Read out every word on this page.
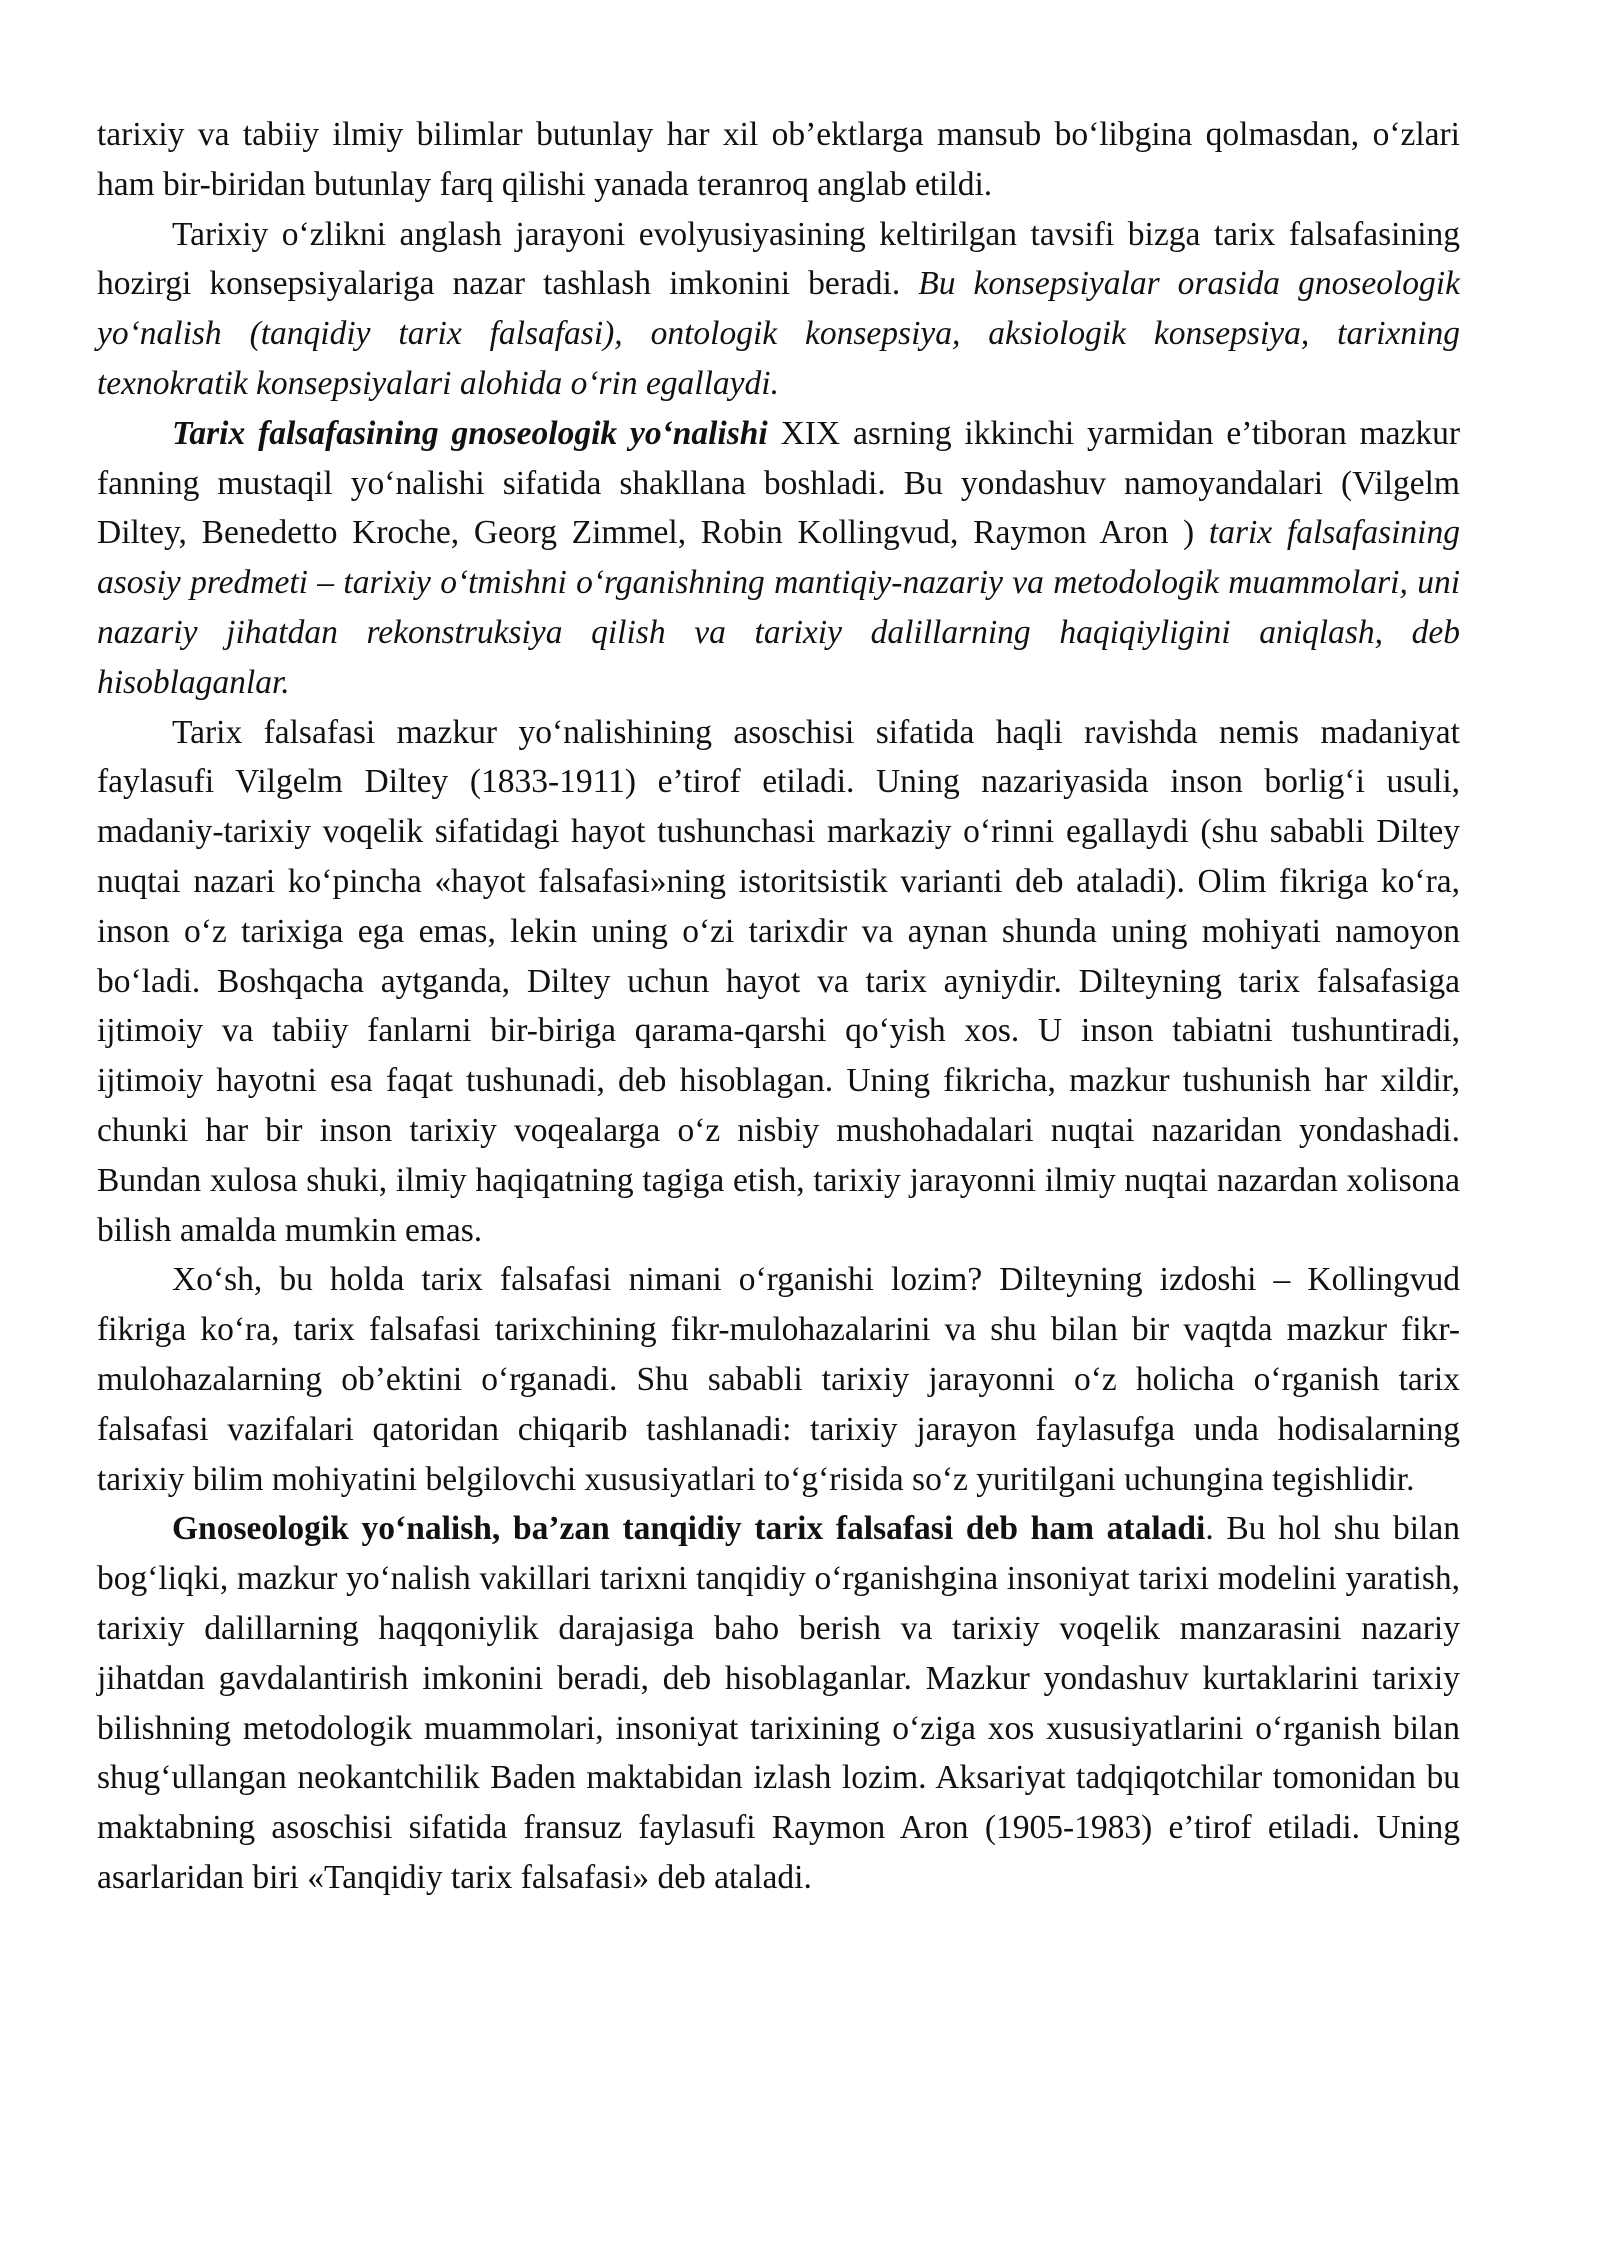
tarixiy va tabiiy ilmiy bilimlar butunlay har xil ob’ektlarga mansub bo‘libgina qolmasdan, o‘zlari ham bir-biridan butunlay farq qilishi yanada teranroq anglab etildi.

Tarixiy o‘zlikni anglash jarayoni evolyusiyasining keltirilgan tavsifi bizga tarix falsafasining hozirgi konsepsiyalariga nazar tashlash imkonini beradi. Bu konsepsiyalar orasida gnoseologik yo‘nalish (tanqidiy tarix falsafasi), ontologik konsepsiya, aksiologik konsepsiya, tarixning texnokratik konsepsiyalari alohida o‘rin egallaydi.

Tarix falsafasining gnoseologik yo‘nalishi XIX asrning ikkinchi yarmidan e’tiboran mazkur fanning mustaqil yo‘nalishi sifatida shakllana boshladi. Bu yondashuv namoyandalari (Vilgelm Diltey, Benedetto Kroche, Georg Zimmel, Robin Kollingvud, Raymon Aron ) tarix falsafasining asosiy predmeti – tarixiy o‘tmishni o‘rganishning mantiqiy-nazariy va metodologik muammolari, uni nazariy jihatdan rekonstruksiya qilish va tarixiy dalillarning haqiqiyligini aniqlash, deb hisoblaganlar.

Tarix falsafasi mazkur yo‘nalishining asoschisi sifatida haqli ravishda nemis madaniyat faylasufi Vilgelm Diltey (1833-1911) e’tirof etiladi. Uning nazariyasida inson borlig‘i usuli, madaniy-tarixiy voqelik sifatidagi hayot tushunchasi markaziy o‘rinni egallaydi (shu sababli Diltey nuqtai nazari ko‘pincha «hayot falsafasi»ning istoritsistik varianti deb ataladi). Olim fikriga ko‘ra, inson o‘z tarixiga ega emas, lekin uning o‘zi tarixdir va aynan shunda uning mohiyati namoyon bo‘ladi. Boshqacha aytganda, Diltey uchun hayot va tarix ayniydir. Dilteyning tarix falsafasiga ijtimoiy va tabiiy fanlarni bir-biriga qarama-qarshi qo‘yish xos. U inson tabiatni tushuntiradi, ijtimoiy hayotni esa faqat tushunadi, deb hisoblagan. Uning fikricha, mazkur tushunish har xildir, chunki har bir inson tarixiy voqealarga o‘z nisbiy mushohadalari nuqtai nazaridan yondashadi. Bundan xulosa shuki, ilmiy haqiqatning tagiga etish, tarixiy jarayonni ilmiy nuqtai nazardan xolisona bilish amalda mumkin emas.

Xo‘sh, bu holda tarix falsafasi nimani o‘rganishi lozim? Dilteyning izdoshi – Kollingvud fikriga ko‘ra, tarix falsafasi tarixchining fikr-mulohazalarini va shu bilan bir vaqtda mazkur fikr-mulohazalarning ob’ektini o‘rganadi. Shu sababli tarixiy jarayonni o‘z holicha o‘rganish tarix falsafasi vazifalari qatoridan chiqarib tashlanadi: tarixiy jarayon faylasufga unda hodisalarning tarixiy bilim mohiyatini belgilovchi xususiyatlari to‘g‘risida so‘z yuritilgani uchungina tegishlidir.

Gnoseologik yo‘nalish, ba’zan tanqidiy tarix falsafasi deb ham ataladi. Bu hol shu bilan bog‘liqki, mazkur yo‘nalish vakillari tarixni tanqidiy o‘rganishgina insoniyat tarixi modelini yaratish, tarixiy dalillarning haqqoniylik darajasiga baho berish va tarixiy voqelik manzarasini nazariy jihatdan gavdalantirish imkonini beradi, deb hisoblaganlar. Mazkur yondashuv kurtaklarini tarixiy bilishning metodologik muammolari, insoniyat tarixining o‘ziga xos xususiyatlarini o‘rganish bilan shug‘ullangan neokantchilik Baden maktabidan izlash lozim. Aksariyat tadqiqotchilar tomonidan bu maktabning asoschisi sifatida fransuz faylasufi Raymon Aron (1905-1983) e’tirof etiladi. Uning asarlaridan biri «Tanqidiy tarix falsafasi» deb ataladi.
